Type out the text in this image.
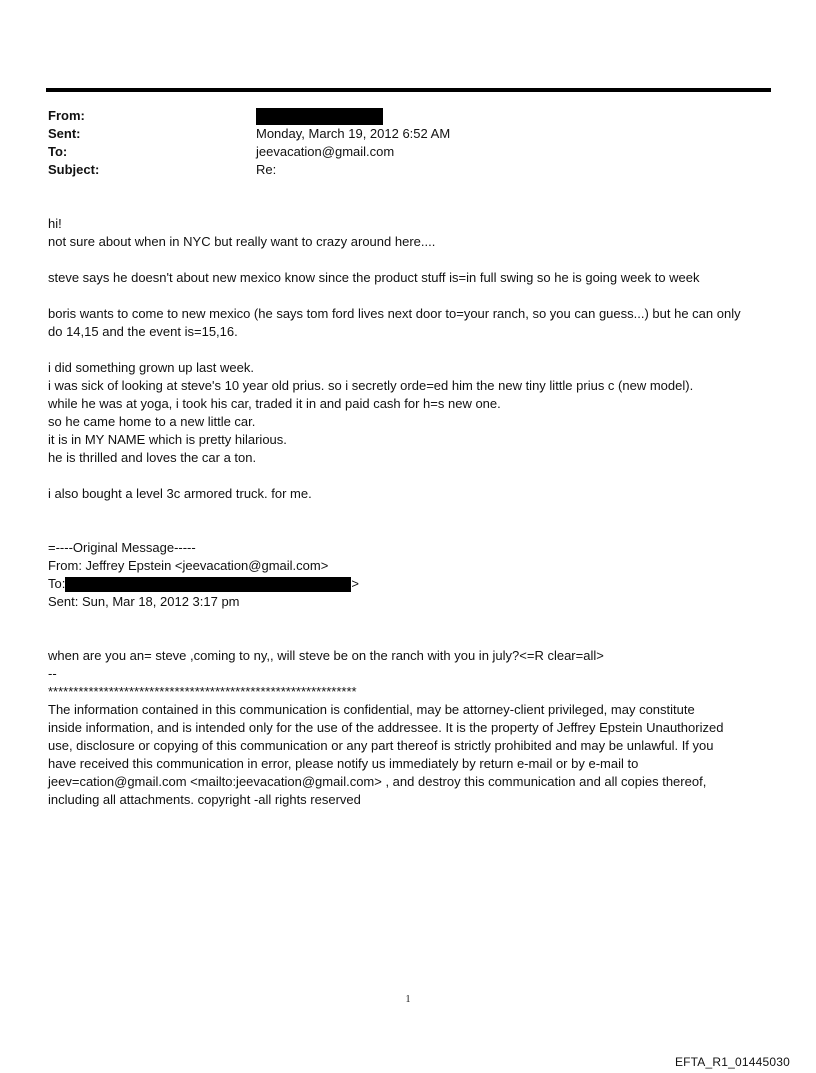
From:
Sent:	Monday, March 19, 2012 6:52 AM
To:	jeevacation@gmail.com
Subject:	Re:
hi!
not sure about when in NYC but really want to crazy around here....
steve says he doesn't about new mexico know since the product stuff is=in full swing so he is going week to week
boris wants to come to new mexico (he says tom ford lives next door to=your ranch, so you can guess...) but he can only
do 14,15 and the event is=15,16.
i did something grown up last week.
i was sick of looking at steve's 10 year old prius. so i secretly orde=ed him the new tiny little prius c (new model).
while he was at yoga, i took his car, traded it in and paid cash for h=s new one.
so he came home to a new little car.
it is in MY NAME which is pretty hilarious.
he is thrilled and loves the car a ton.
i also bought a level 3c armored truck. for me.
=----Original Message-----
From: Jeffrey Epstein <jeevacation@gmail.com>
To:	>
Sent: Sun, Mar 18, 2012 3:17 pm
when are you an= steve ,coming to ny,, will steve be on the ranch with you in july?<=R clear=all>
--
*************************************************************
The information contained in this communication is confidential, may be attorney-client privileged, may constitute
inside information, and is intended only for the use of the addressee. It is the property of Jeffrey Epstein Unauthorized
use, disclosure or copying of this communication or any part thereof is strictly prohibited and may be unlawful. If you
have received this communication in error, please notify us immediately by return e-mail or by e-mail to
jeev=cation@gmail.com <mailto:jeevacation@gmail.com> , and destroy this communication and all copies thereof,
including all attachments. copyright -all rights reserved
1
EFTA_R1_01445030
